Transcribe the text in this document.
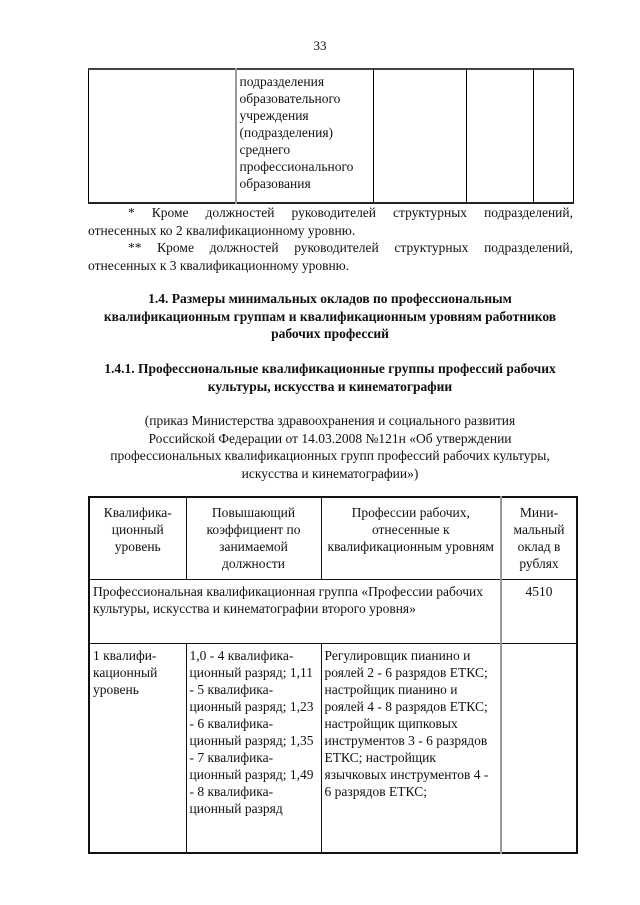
33
	подразделения образовательного учреждения (подразделения) среднего профессионального образования			
* Кроме должностей руководителей структурных подразделений, отнесенных ко 2 квалификационному уровню.
** Кроме должностей руководителей структурных подразделений, отнесенных к 3 квалификационному уровню.
1.4. Размеры минимальных окладов по профессиональным квалификационным группам и квалификационным уровням работников рабочих профессий
1.4.1. Профессиональные квалификационные группы профессий рабочих культуры, искусства и кинематографии
(приказ Министерства здравоохранения и социального развития Российской Федерации от 14.03.2008 №121н «Об утверждении профессиональных квалификационных групп профессий рабочих культуры, искусства и кинематографии»)
Квалифика-ционный уровень	Повышающий коэффициент по занимаемой должности	Профессии рабочих, отнесенные к квалификационным уровням	Мини-мальный оклад в рублях
Профессиональная квалификационная группа «Профессии рабочих культуры, искусства и кинематографии второго уровня»			4510
1 квалифи-кационный уровень	1,0 - 4 квалифика-ционный разряд; 1,11 - 5 квалифика-ционный разряд; 1,23 - 6 квалифика-ционный разряд; 1,35 - 7 квалифика-ционный разряд; 1,49 - 8 квалифика-ционный разряд	Регулировщик пианино и роялей 2 - 6 разрядов ЕТКС; настройщик пианино и роялей 4 - 8 разрядов ЕТКС; настройщик щипковых инструментов 3 - 6 разрядов ЕТКС; настройщик язычковых инструментов 4 - 6 разрядов ЕТКС;	
